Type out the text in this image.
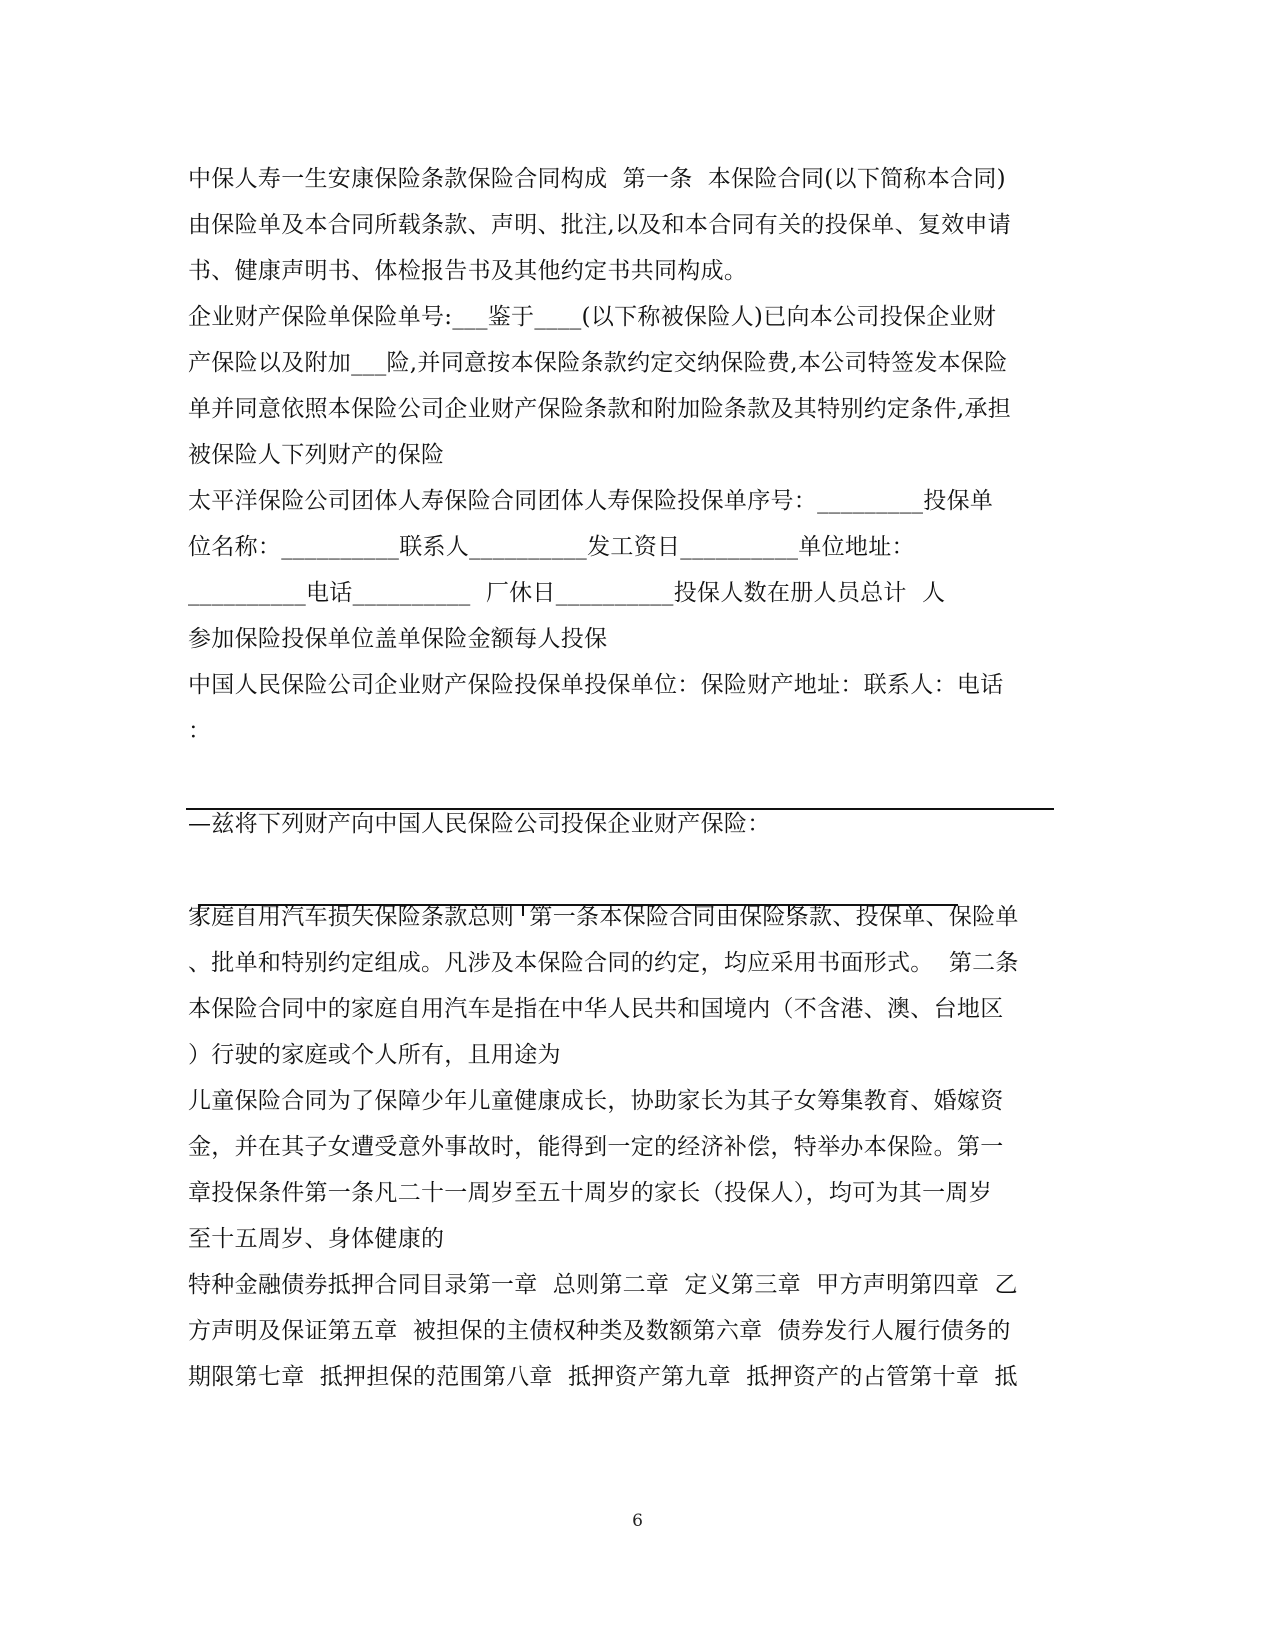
中保人寿一生安康保险条款保险合同构成  第一条  本保险合同(以下简称本合同)
由保险单及本合同所载条款、声明、批注,以及和本合同有关的投保单、复效申请
书、健康声明书、体检报告书及其他约定书共同构成。
企业财产保险单保险单号:___鉴于____(以下称被保险人)已向本公司投保企业财
产保险以及附加___险,并同意按本保险条款约定交纳保险费,本公司特签发本保险
单并同意依照本保险公司企业财产保险条款和附加险条款及其特别约定条件,承担
被保险人下列财产的保险
太平洋保险公司团体人寿保险合同团体人寿保险投保单序号：_________投保单
位名称：__________联系人__________发工资日__________单位地址：
__________电话__________  厂休日__________投保人数在册人员总计  人
参加保险投保单位盖单保险金额每人投保
中国人民保险公司企业财产保险投保单投保单位：保险财产地址：联系人：电话
：
—兹将下列财产向中国人民保险公司投保企业财产保险：
家庭自用汽车损失保险条款总则  第一条本保险合同由保险条款、投保单、保险单
、批单和特别约定组成。凡涉及本保险合同的约定，均应采用书面形式。  第二条
本保险合同中的家庭自用汽车是指在中华人民共和国境内（不含港、澳、台地区
）行驶的家庭或个人所有，且用途为
儿童保险合同为了保障少年儿童健康成长，协助家长为其子女筹集教育、婚嫁资
金，并在其子女遭受意外事故时，能得到一定的经济补偿，特举办本保险。第一
章投保条件第一条凡二十一周岁至五十周岁的家长（投保人），均可为其一周岁
至十五周岁、身体健康的
特种金融债券抵押合同目录第一章  总则第二章  定义第三章  甲方声明第四章  乙
方声明及保证第五章  被担保的主债权种类及数额第六章  债券发行人履行债务的
期限第七章  抵押担保的范围第八章  抵押资产第九章  抵押资产的占管第十章  抵
6
